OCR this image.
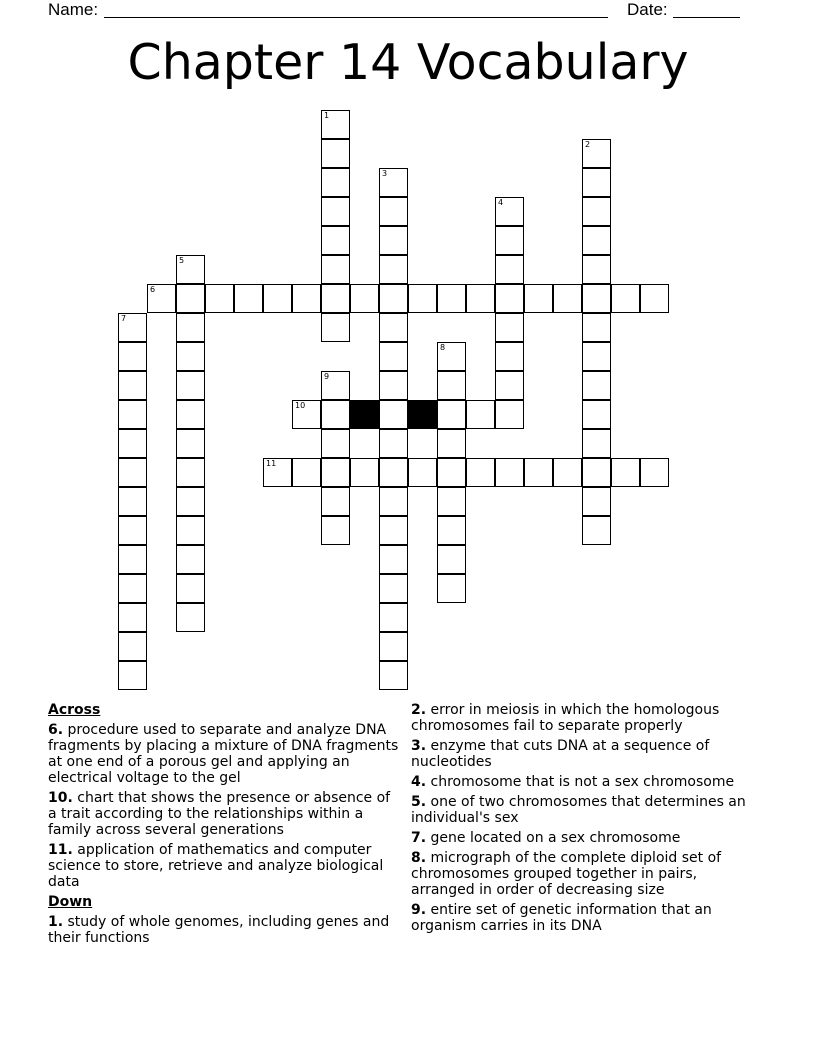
Name:	Date:
Chapter 14 Vocabulary
1
2
3
4
5
6
7
8
9
10
11
Across
6. procedure used to separate and analyze DNA fragments by placing a mixture of DNA fragments at one end of a porous gel and applying an electrical voltage to the gel
10. chart that shows the presence or absence of a trait according to the relationships within a family across several generations
11. application of mathematics and computer science to store, retrieve and analyze biological data
Down
1. study of whole genomes, including genes and their functions
2. error in meiosis in which the homologous chromosomes fail to separate properly
3. enzyme that cuts DNA at a sequence of nucleotides
4. chromosome that is not a sex chromosome
5. one of two chromosomes that determines an individual's sex
7. gene located on a sex chromosome
8. micrograph of the complete diploid set of chromosomes grouped together in pairs, arranged in order of decreasing size
9. entire set of genetic information that an organism carries in its DNA
